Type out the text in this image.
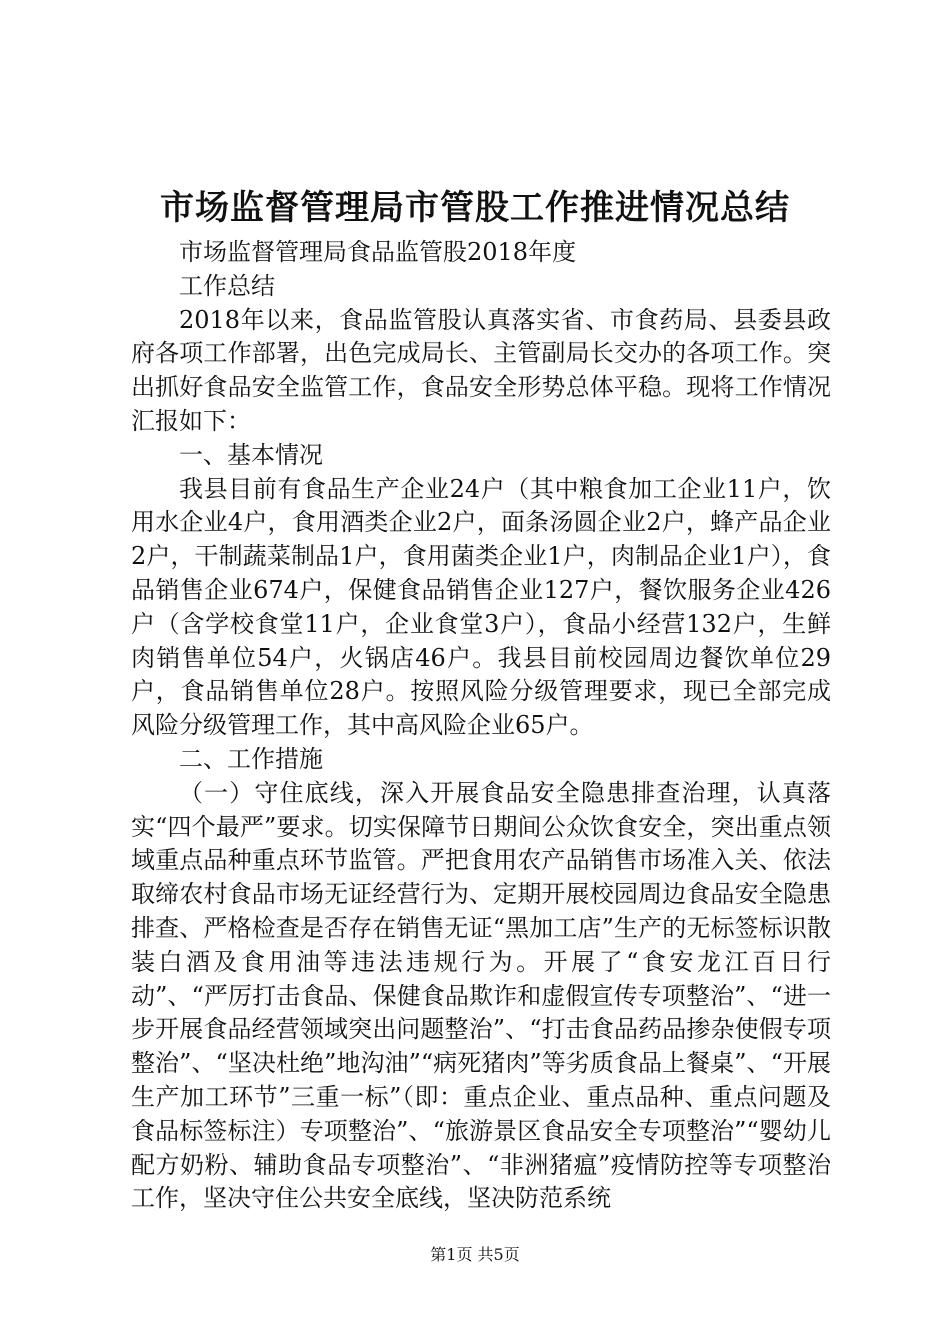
市场监督管理局市管股工作推进情况总结

市场监督管理局食品监管股2018年度

工作总结

2018年以来，食品监管股认真落实省、市食药局、县委县政府各项工作部署，出色完成局长、主管副局长交办的各项工作。突出抓好食品安全监管工作，食品安全形势总体平稳。现将工作情况汇报如下：

一、基本情况

我县目前有食品生产企业24户（其中粮食加工企业11户，饮用水企业4户，食用酒类企业2户，面条汤圆企业2户，蜂产品企业2户，干制蔬菜制品1户，食用菌类企业1户，肉制品企业1户），食品销售企业674户，保健食品销售企业127户，餐饮服务企业426户（含学校食堂11户，企业食堂3户），食品小经营132户，生鲜肉销售单位54户，火锅店46户。我县目前校园周边餐饮单位29户，食品销售单位28户。按照风险分级管理要求，现已全部完成风险分级管理工作，其中高风险企业65户。

二、工作措施

（一）守住底线，深入开展食品安全隐患排查治理，认真落实“四个最严”要求。切实保障节日期间公众饮食安全，突出重点领域重点品种重点环节监管。严把食用农产品销售市场准入关、依法取缔农村食品市场无证经营行为、定期开展校园周边食品安全隐患排查、严格检查是否存在销售无证“黑加工店”生产的无标签标识散装白酒及食用油等违法违规行为。开展了“食安龙江百日行动”、“严厉打击食品、保健食品欺诈和虚假宣传专项整治”、“进一步开展食品经营领域突出问题整治”、“打击食品药品掺杂使假专项整治”、“坚决杜绝”地沟油”“病死猪肉”等劣质食品上餐桌”、“开展生产加工环节”三重一标”（即：重点企业、重点品种、重点问题及食品标签标注）专项整治”、“旅游景区食品安全专项整治”“婴幼儿配方奶粉、辅助食品专项整治”、“非洲猪瘟”疫情防控等专项整治工作，坚决守住公共安全底线，坚决防范系统

第1页 共5页
